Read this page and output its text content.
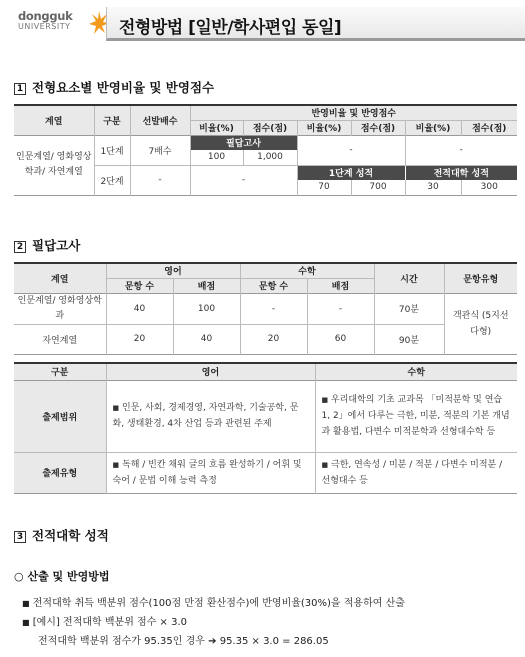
dongguk
UNIVERSITY	전형방법 [일반/학사편입 동일]
1 전형요소별 반영비율 및 반영점수
계열	구분	선발배수	반영비율 및 반영점수					
			비율(%)	점수(점)	비율(%)	점수(점)	비율(%)	점수(점)
인문계열/ 영화영상학과/ 자연계열	1단계	7배수	필답고사		-		-	
			100	1,000				
	2단계	-	-		1단계 성적		전적대학 성적	
					70	700	30	300
2 필답고사
계열	영어		수학		시간	문항유형
	문항 수	배점	문항 수	배점		
인문계열/ 영화영상학과	40	100	-	-	70분	객관식 (5지선다형)
자연계열	20	40	20	60	90분	
구분	영어	수학
출제범위	■ 인문, 사회, 경제경영, 자연과학, 기술공학, 문화, 생태환경, 4차 산업 등과 관련된 주제	■ 우리대학의 기초 교과목 「미적분학 및 연습 1, 2」에서 다루는 극한, 미분, 적분의 기본 개념과 활용법, 다변수 미적분학과 선형대수학 등
출제유형	■ 독해 / 빈칸 채워 글의 흐름 완성하기 / 어휘 및 숙어 / 문법 이해 능력 측정	■ 극한, 연속성 / 미분 / 적분 / 다변수 미적분 / 선형대수 등
3 전적대학 성적
○ 산출 및 반영방법
■ 전적대학 취득 백분위 점수(100점 만점 환산점수)에 반영비율(30%)을 적용하여 산출
■ [예시] 전적대학 백분위 점수 × 3.0
전적대학 백분위 점수가 95.35인 경우 ➔ 95.35 × 3.0 = 286.05
